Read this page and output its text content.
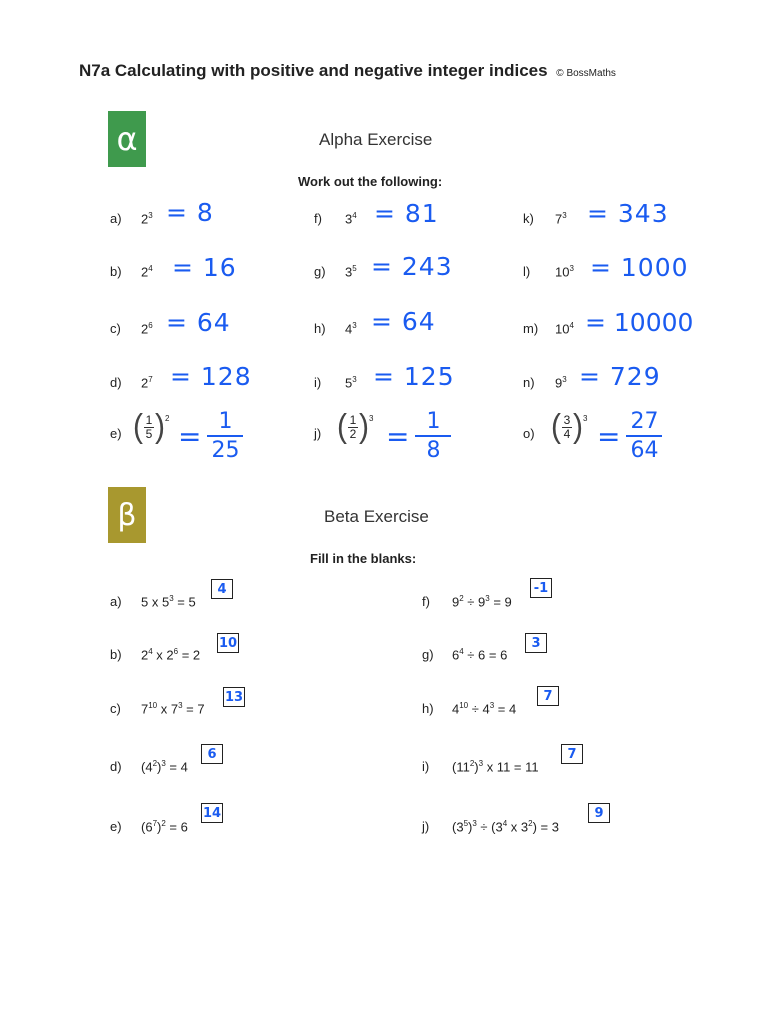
N7a Calculating with positive and negative integer indices © BossMaths
α	Alpha Exercise
Work out the following:
a) $2^3 = 8$
b) $2^4 = 16$
c) $2^6 = 64$
d) $2^7 = 128$
e) ( 1
5 ) 2
= 1
25
f) $3^4 = 81$
g) $3^5 = 243$
h) $4^3 = 64$
i) $5^3 = 125$
j) ( 1
2 ) 3
= 1
8
k) $7^3 = 343$
l) $10^3 = 1000$
m) $10^4 = 10000$
n) $9^3 = 729$
o) ( 3
4 ) 3
= 27
64
β	Beta Exercise
Fill in the blanks:
a) 5 x $5^3 = 5$
4
b) $2^4$ x $2^6 = 2$
10
c) $7^{10}$ x $7^3 = 7$
13
d) $(4^2)^3 = 4$
6
e) $(6^7)^2 = 6$
14
f) $9^2 \div 9^3 = 9$
-1
g) $6^4 \div 6 = 6$
3
h) $4^{10} \div 4^3 = 4$
7
i) $(11^2)^3$ x 11 = 11
7
j) $(3^5)^3 \div (3^4$ x $3^2) = 3$
9
